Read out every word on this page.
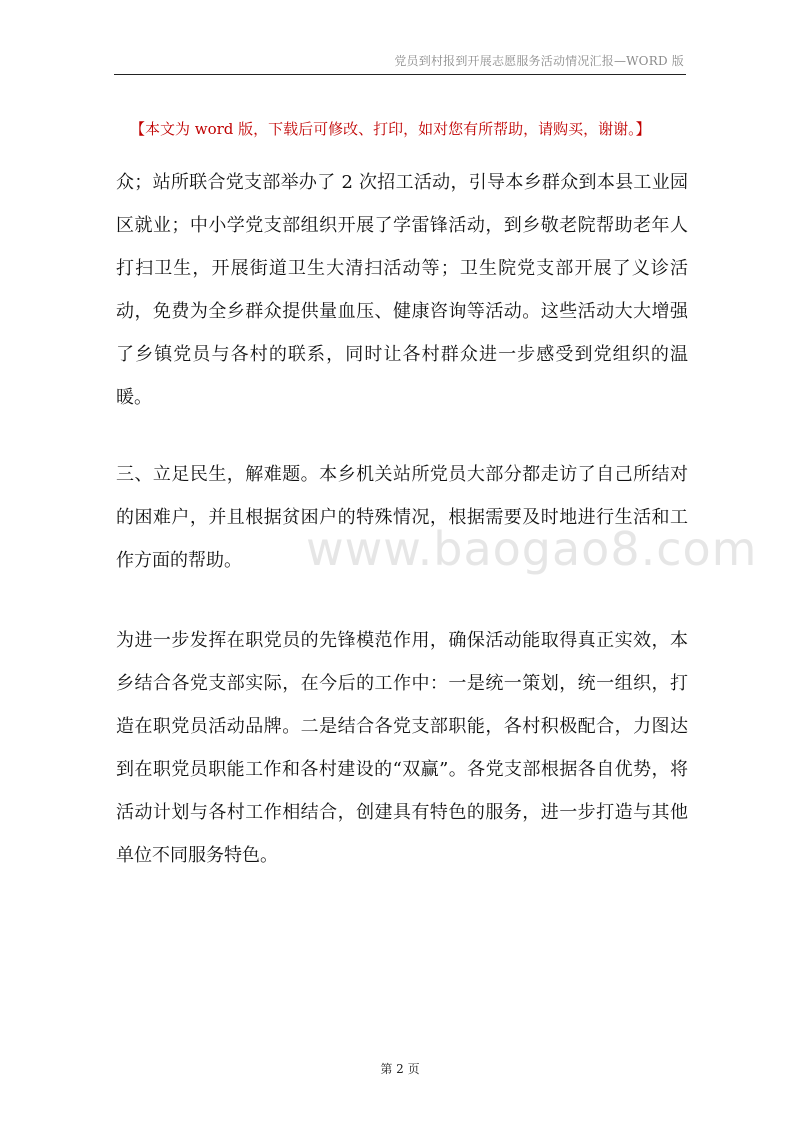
党员到村报到开展志愿服务活动情况汇报—WORD 版
【本文为 word 版，下载后可修改、打印，如对您有所帮助，请购买，谢谢。】
www.baogao8.com

众；站所联合党支部举办了 2 次招工活动，引导本乡群众到本县工业园区就业；中小学党支部组织开展了学雷锋活动，到乡敬老院帮助老年人打扫卫生，开展街道卫生大清扫活动等；卫生院党支部开展了义诊活动，免费为全乡群众提供量血压、健康咨询等活动。这些活动大大增强了乡镇党员与各村的联系，同时让各村群众进一步感受到党组织的温暖。

三、立足民生，解难题。本乡机关站所党员大部分都走访了自己所结对的困难户，并且根据贫困户的特殊情况，根据需要及时地进行生活和工作方面的帮助。

为进一步发挥在职党员的先锋模范作用，确保活动能取得真正实效，本乡结合各党支部实际，在今后的工作中：一是统一策划，统一组织，打造在职党员活动品牌。二是结合各党支部职能，各村积极配合，力图达到在职党员职能工作和各村建设的“双赢”。各党支部根据各自优势，将活动计划与各村工作相结合，创建具有特色的服务，进一步打造与其他单位不同服务特色。

第 2 页
